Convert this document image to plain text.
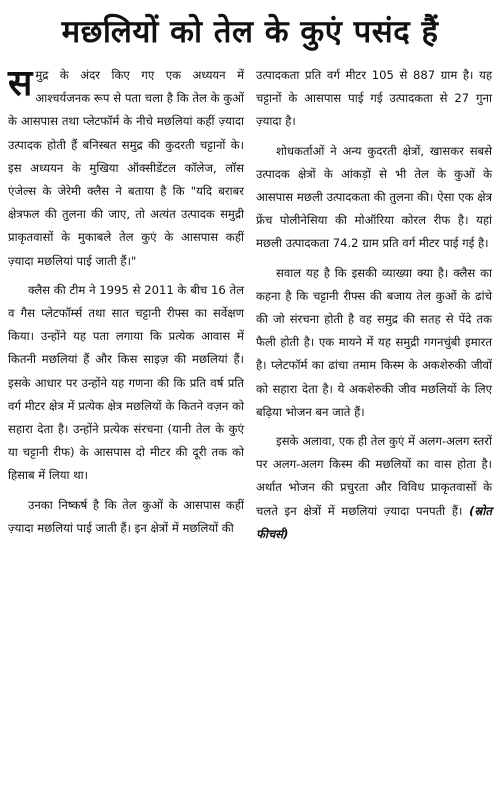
मछलियों को तेल के कुएं पसंद हैं

समुद्र के अंदर किए गए एक अध्ययन में आश्चर्यजनक रूप से पता चला है कि तेल के कुओं के आसपास तथा प्लेटफॉर्म के नीचे मछलियां कहीं ज़्यादा उत्पादक होती हैं बनिस्बत समुद्र की कुदरती चट्टानों के। इस अध्ययन के मुखिया ऑक्सीडेंटल कॉलेज, लॉस एंजेल्स के जेरेमी क्लैस ने बताया है कि "यदि बराबर क्षेत्रफल की तुलना की जाए, तो अत्यंत उत्पादक समुद्री प्राकृतवासों के मुकाबले तेल कुएं के आसपास कहीं ज़्यादा मछलियां पाई जाती हैं।"

क्लैस की टीम ने 1995 से 2011 के बीच 16 तेल व गैस प्लेटफॉर्म्स तथा सात चट्टानी रीफ्स का सर्वेक्षण किया। उन्होंने यह पता लगाया कि प्रत्येक आवास में कितनी मछलियां हैं और किस साइज़ की मछलियां हैं। इसके आधार पर उन्होंने यह गणना की कि प्रति वर्ष प्रति वर्ग मीटर क्षेत्र में प्रत्येक क्षेत्र मछलियों के कितने वज़न को सहारा देता है। उन्होंने प्रत्येक संरचना (यानी तेल के कुएं या चट्टानी रीफ) के आसपास दो मीटर की दूरी तक को हिसाब में लिया था।

उनका निष्कर्ष है कि तेल कुओं के आसपास कहीं ज़्यादा मछलियां पाई जाती हैं। इन क्षेत्रों में मछलियों की

उत्पादकता प्रति वर्ग मीटर 105 से 887 ग्राम है। यह चट्टानों के आसपास पाई गई उत्पादकता से 27 गुना ज़्यादा है।

शोधकर्ताओं ने अन्य कुदरती क्षेत्रों, खासकर सबसे उत्पादक क्षेत्रों के आंकड़ों से भी तेल के कुओं के आसपास मछली उत्पादकता की तुलना की। ऐसा एक क्षेत्र फ्रेंच पोलीनेसिया की मोऑरिया कोरल रीफ है। यहां मछली उत्पादकता 74.2 ग्राम प्रति वर्ग मीटर पाई गई है।

सवाल यह है कि इसकी व्याख्या क्या है। क्लैस का कहना है कि चट्टानी रीफ्स की बजाय तेल कुओं के ढांचे की जो संरचना होती है वह समुद्र की सतह से पेंदे तक फैली होती है। एक मायने में यह समुद्री गगनचुंबी इमारत है। प्लेटफॉर्म का ढांचा तमाम किस्म के अकशेरुकी जीवों को सहारा देता है। ये अकशेरुकी जीव मछलियों के लिए बढ़िया भोजन बन जाते हैं।

इसके अलावा, एक ही तेल कुएं में अलग-अलग स्तरों पर अलग-अलग किस्म की मछलियों का वास होता है। अर्थात भोजन की प्रचुरता और विविध प्राकृतवासों के चलते इन क्षेत्रों में मछलियां ज़्यादा पनपती हैं। (स्रोत फीचर्स)
